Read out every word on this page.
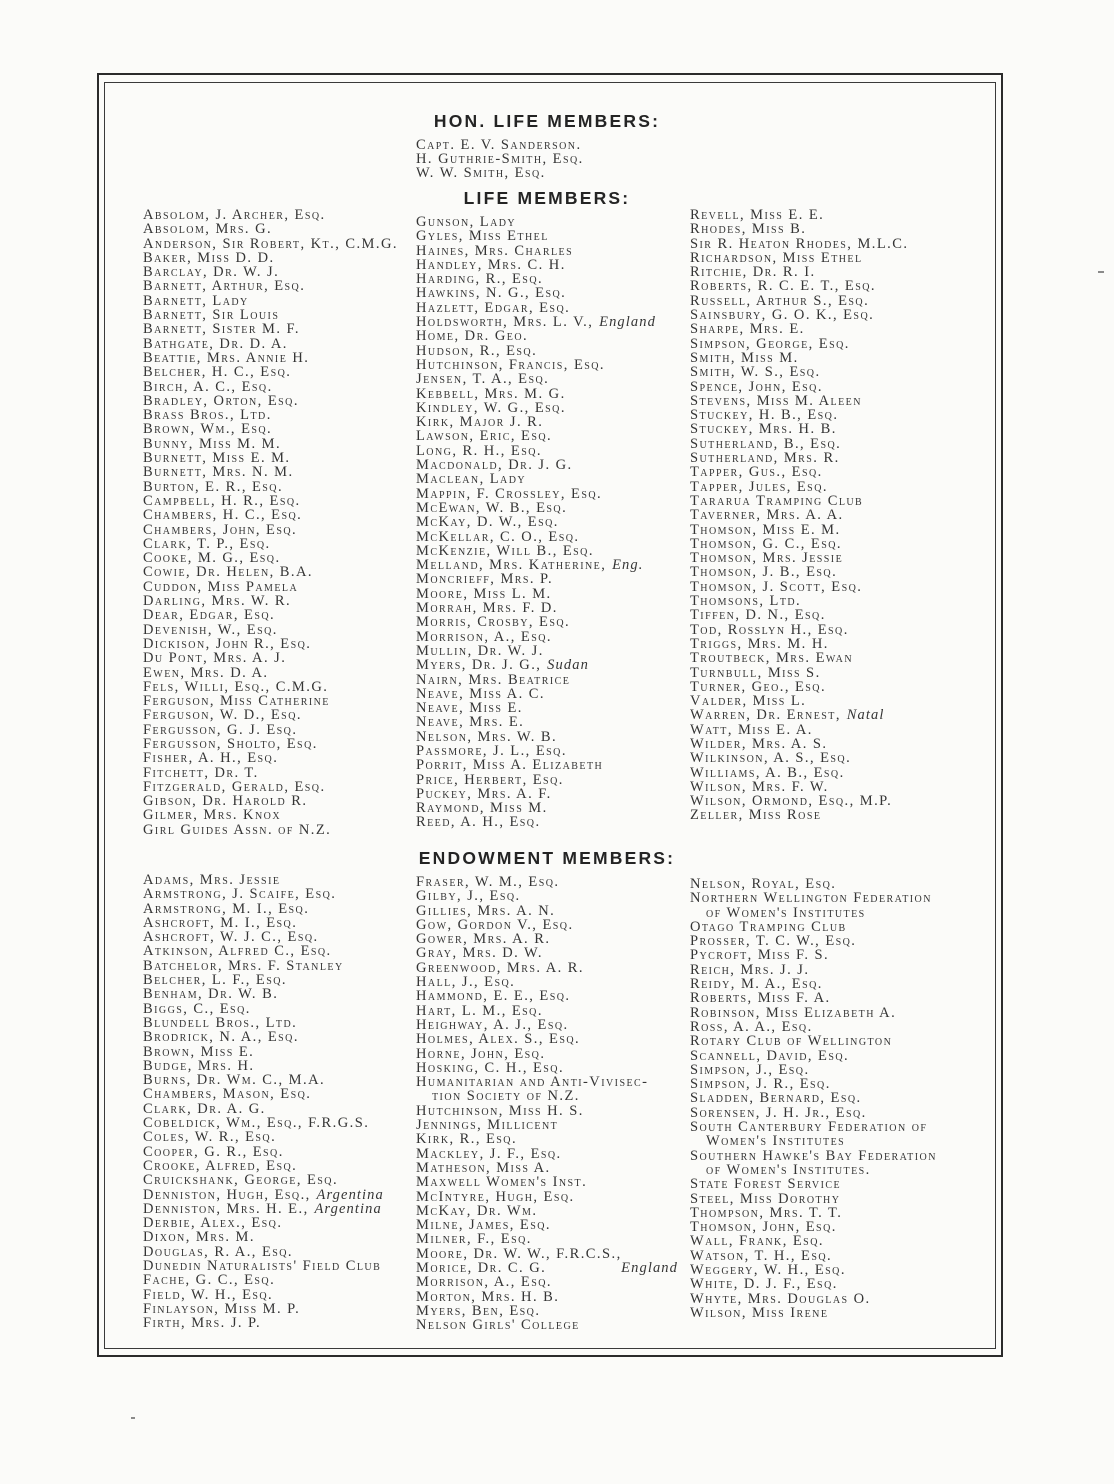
HON. LIFE MEMBERS:
Capt. E. V. Sanderson.
H. Guthrie-Smith, Esq.
W. W. Smith, Esq.
LIFE MEMBERS:
Absolom, J. Archer, Esq.
Absolom, Mrs. G.
Anderson, Sir Robert, Kt., C.M.G.
Baker, Miss D. D.
Barclay, Dr. W. J.
Barnett, Arthur, Esq.
Barnett, Lady
Barnett, Sir Louis
Barnett, Sister M. F.
Bathgate, Dr. D. A.
Beattie, Mrs. Annie H.
Belcher, H. C., Esq.
Birch, A. C., Esq.
Bradley, Orton, Esq.
Brass Bros., Ltd.
Brown, Wm., Esq.
Bunny, Miss M. M.
Burnett, Miss E. M.
Burnett, Mrs. N. M.
Burton, E. R., Esq.
Campbell, H. R., Esq.
Chambers, H. C., Esq.
Chambers, John, Esq.
Clark, T. P., Esq.
Cooke, M. G., Esq.
Cowie, Dr. Helen, B.A.
Cuddon, Miss Pamela
Darling, Mrs. W. R.
Dear, Edgar, Esq.
Devenish, W., Esq.
Dickison, John R., Esq.
Du Pont, Mrs. A. J.
Ewen, Mrs. D. A.
Fels, Willi, Esq., C.M.G.
Ferguson, Miss Catherine
Ferguson, W. D., Esq.
Fergusson, G. J. Esq.
Fergusson, Sholto, Esq.
Fisher, A. H., Esq.
Fitchett, Dr. T.
Fitzgerald, Gerald, Esq.
Gibson, Dr. Harold R.
Gilmer, Mrs. Knox
Girl Guides Assn. of N.Z.
Gunson, Lady
Gyles, Miss Ethel
Haines, Mrs. Charles
Handley, Mrs. C. H.
Harding, R., Esq.
Hawkins, N. G., Esq.
Hazlett, Edgar, Esq.
Holdsworth, Mrs. L. V., England
Home, Dr. Geo.
Hudson, R., Esq.
Hutchinson, Francis, Esq.
Jensen, T. A., Esq.
Kebbell, Mrs. M. G.
Kindley, W. G., Esq.
Kirk, Major J. R.
Lawson, Eric, Esq.
Long, R. H., Esq.
Macdonald, Dr. J. G.
Maclean, Lady
Mappin, F. Crossley, Esq.
McEwan, W. B., Esq.
McKay, D. W., Esq.
McKellar, C. O., Esq.
McKenzie, Will B., Esq.
Melland, Mrs. Katherine, Eng.
Moncrieff, Mrs. P.
Moore, Miss L. M.
Morrah, Mrs. F. D.
Morris, Crosby, Esq.
Morrison, A., Esq.
Mullin, Dr. W. J.
Myers, Dr. J. G., Sudan
Nairn, Mrs. Beatrice
Neave, Miss A. C.
Neave, Miss E.
Neave, Mrs. E.
Nelson, Mrs. W. B.
Passmore, J. L., Esq.
Porrit, Miss A. Elizabeth
Price, Herbert, Esq.
Puckey, Mrs. A. F.
Raymond, Miss M.
Reed, A. H., Esq.
Revell, Miss E. E.
Rhodes, Miss B.
Sir R. Heaton Rhodes, M.L.C.
Richardson, Miss Ethel
Ritchie, Dr. R. I.
Roberts, R. C. E. T., Esq.
Russell, Arthur S., Esq.
Sainsbury, G. O. K., Esq.
Sharpe, Mrs. E.
Simpson, George, Esq.
Smith, Miss M.
Smith, W. S., Esq.
Spence, John, Esq.
Stevens, Miss M. Aleen
Stuckey, H. B., Esq.
Stuckey, Mrs. H. B.
Sutherland, B., Esq.
Sutherland, Mrs. R.
Tapper, Gus., Esq.
Tapper, Jules, Esq.
Tararua Tramping Club
Taverner, Mrs. A. A.
Thomson, Miss E. M.
Thomson, G. C., Esq.
Thomson, Mrs. Jessie
Thomson, J. B., Esq.
Thomson, J. Scott, Esq.
Thomsons, Ltd.
Tiffen, D. N., Esq.
Tod, Rosslyn H., Esq.
Triggs, Mrs. M. H.
Troutbeck, Mrs. Ewan
Turnbull, Miss S.
Turner, Geo., Esq.
Valder, Miss L.
Warren, Dr. Ernest, Natal
Watt, Miss E. A.
Wilder, Mrs. A. S.
Wilkinson, A. S., Esq.
Williams, A. B., Esq.
Wilson, Mrs. F. W.
Wilson, Ormond, Esq., M.P.
Zeller, Miss Rose
ENDOWMENT MEMBERS:
Adams, Mrs. Jessie
Armstrong, J. Scaife, Esq.
Armstrong, M. I., Esq.
Ashcroft, M. I., Esq.
Ashcroft, W. J. C., Esq.
Atkinson, Alfred C., Esq.
Batchelor, Mrs. F. Stanley
Belcher, L. F., Esq.
Benham, Dr. W. B.
Biggs, C., Esq.
Blundell Bros., Ltd.
Brodrick, N. A., Esq.
Brown, Miss E.
Budge, Mrs. H.
Burns, Dr. Wm. C., M.A.
Chambers, Mason, Esq.
Clark, Dr. A. G.
Cobeldick, Wm., Esq., F.R.G.S.
Coles, W. R., Esq.
Cooper, G. R., Esq.
Crooke, Alfred, Esq.
Cruickshank, George, Esq.
Denniston, Hugh, Esq., Argentina
Denniston, Mrs. H. E., Argentina
Derbie, Alex., Esq.
Dixon, Mrs. M.
Douglas, R. A., Esq.
Dunedin Naturalists' Field Club
Fache, G. C., Esq.
Field, W. H., Esq.
Finlayson, Miss M. P.
Firth, Mrs. J. P.
Fraser, W. M., Esq.
Gilby, J., Esq.
Gillies, Mrs. A. N.
Gow, Gordon V., Esq.
Gower, Mrs. A. R.
Gray, Mrs. D. W.
Greenwood, Mrs. A. R.
Hall, J., Esq.
Hammond, E. E., Esq.
Hart, L. M., Esq.
Heighway, A. J., Esq.
Holmes, Alex. S., Esq.
Horne, John, Esq.
Hosking, C. H., Esq.
Humanitarian and Anti-Vivisec-
tion Society of N.Z.
Hutchinson, Miss H. S.
Jennings, Millicent
Kirk, R., Esq.
Mackley, J. F., Esq.
Matheson, Miss A.
Maxwell Women's Inst.
McIntyre, Hugh, Esq.
McKay, Dr. Wm.
Milne, James, Esq.
Milner, F., Esq.
Moore, Dr. W. W., F.R.C.S.,
Morice, Dr. C. G.	England
Morrison, A., Esq.
Morton, Mrs. H. B.
Myers, Ben, Esq.
Nelson Girls' College
Nelson, Royal, Esq.
Northern Wellington Federation
of Women's Institutes
Otago Tramping Club
Prosser, T. C. W., Esq.
Pycroft, Miss F. S.
Reich, Mrs. J. J.
Reidy, M. A., Esq.
Roberts, Miss F. A.
Robinson, Miss Elizabeth A.
Ross, A. A., Esq.
Rotary Club of Wellington
Scannell, David, Esq.
Simpson, J., Esq.
Simpson, J. R., Esq.
Sladden, Bernard, Esq.
Sorensen, J. H. Jr., Esq.
South Canterbury Federation of
Women's Institutes
Southern Hawke's Bay Federation
of Women's Institutes.
State Forest Service
Steel, Miss Dorothy
Thompson, Mrs. T. T.
Thomson, John, Esq.
Wall, Frank, Esq.
Watson, T. H., Esq.
Weggery, W. H., Esq.
White, D. J. F., Esq.
Whyte, Mrs. Douglas O.
Wilson, Miss Irene
